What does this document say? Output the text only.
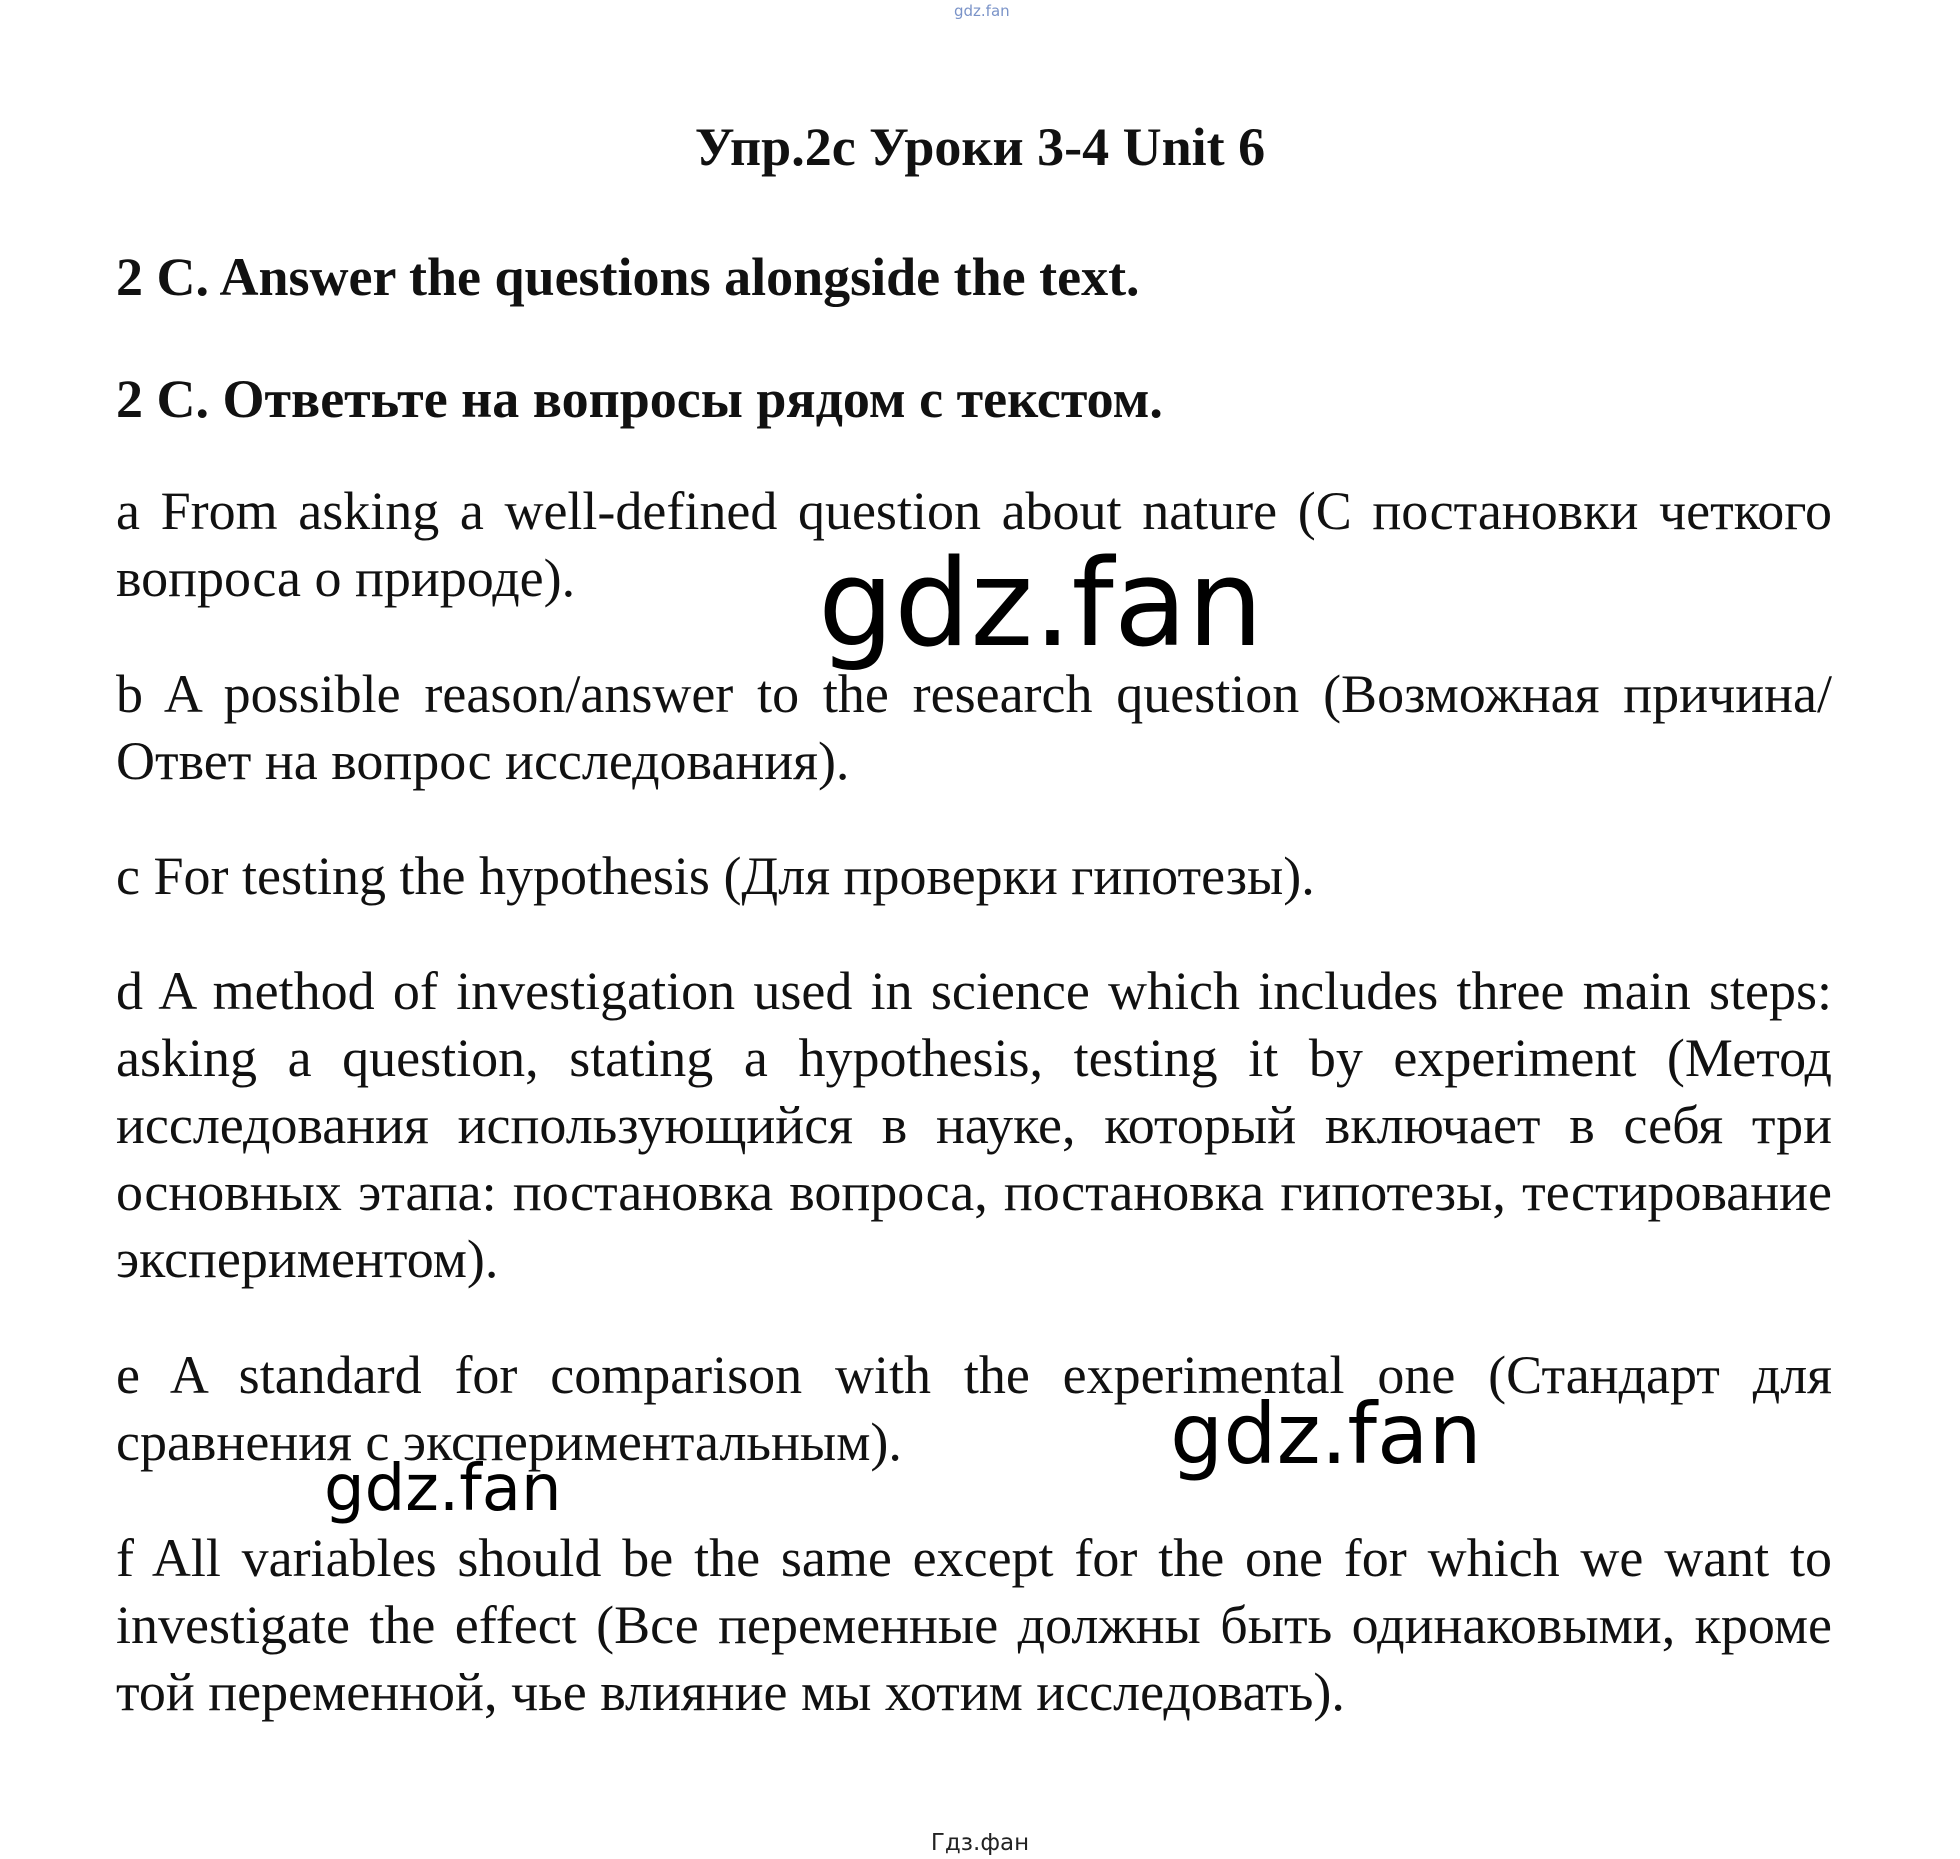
gdz.fan
Упр.2c Уроки 3-4 Unit 6

2 C. Answer the questions alongside the text.

2 C. Ответьте на вопросы рядом с текстом.

a From asking a well-defined question about nature (С постановки четкого вопроса о природе).

b A possible reason/answer to the research question (Возможная причина/Ответ на вопрос исследования).

c For testing the hypothesis (Для проверки гипотезы).

d A method of investigation used in science which includes three main steps: asking a question, stating a hypothesis, testing it by experiment (Метод исследования использующийся в науке, который включает в себя три основных этапа: постановка вопроса, постановка гипотезы, тестирование экспериментом).

e A standard for comparison with the experimental one (Стандарт для сравнения с экспериментальным).

f All variables should be the same except for the one for which we want to investigate the effect (Все переменные должны быть одинаковыми, кроме той переменной, чье влияние мы хотим исследовать).

gdz.fan
gdz.fan
gdz.fan
Гдз.фан
